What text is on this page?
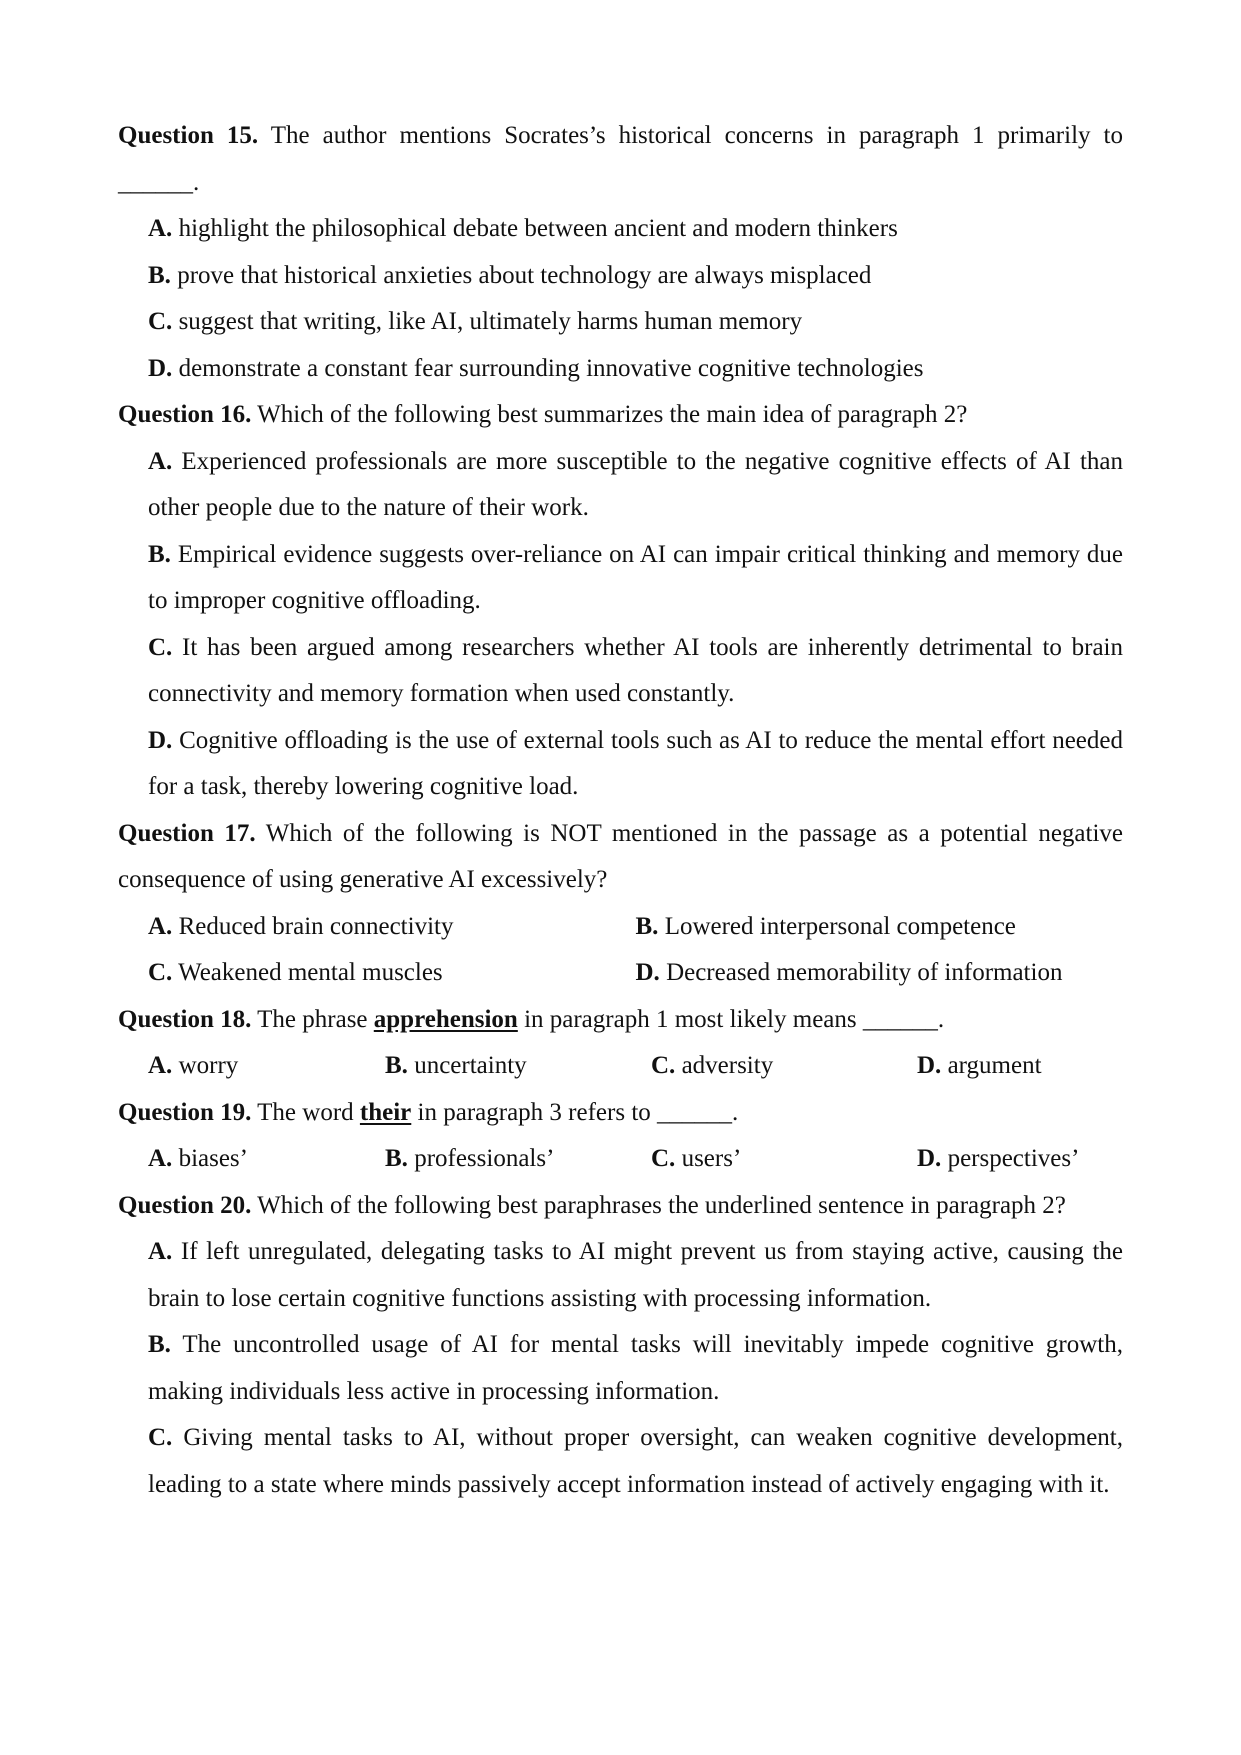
Question 15. The author mentions Socrates’s historical concerns in paragraph 1 primarily to ______.
A. highlight the philosophical debate between ancient and modern thinkers
B. prove that historical anxieties about technology are always misplaced
C. suggest that writing, like AI, ultimately harms human memory
D. demonstrate a constant fear surrounding innovative cognitive technologies
Question 16. Which of the following best summarizes the main idea of paragraph 2?
A. Experienced professionals are more susceptible to the negative cognitive effects of AI than other people due to the nature of their work.
B. Empirical evidence suggests over-reliance on AI can impair critical thinking and memory due to improper cognitive offloading.
C. It has been argued among researchers whether AI tools are inherently detrimental to brain connectivity and memory formation when used constantly.
D. Cognitive offloading is the use of external tools such as AI to reduce the mental effort needed for a task, thereby lowering cognitive load.
Question 17. Which of the following is NOT mentioned in the passage as a potential negative consequence of using generative AI excessively?
A. Reduced brain connectivity	B. Lowered interpersonal competence
C. Weakened mental muscles	D. Decreased memorability of information
Question 18. The phrase apprehension in paragraph 1 most likely means ______.
A. worry	B. uncertainty	C. adversity	D. argument
Question 19. The word their in paragraph 3 refers to ______.
A. biases’	B. professionals’	C. users’	D. perspectives’
Question 20. Which of the following best paraphrases the underlined sentence in paragraph 2?
A. If left unregulated, delegating tasks to AI might prevent us from staying active, causing the brain to lose certain cognitive functions assisting with processing information.
B. The uncontrolled usage of AI for mental tasks will inevitably impede cognitive growth, making individuals less active in processing information.
C. Giving mental tasks to AI, without proper oversight, can weaken cognitive development, leading to a state where minds passively accept information instead of actively engaging with it.
